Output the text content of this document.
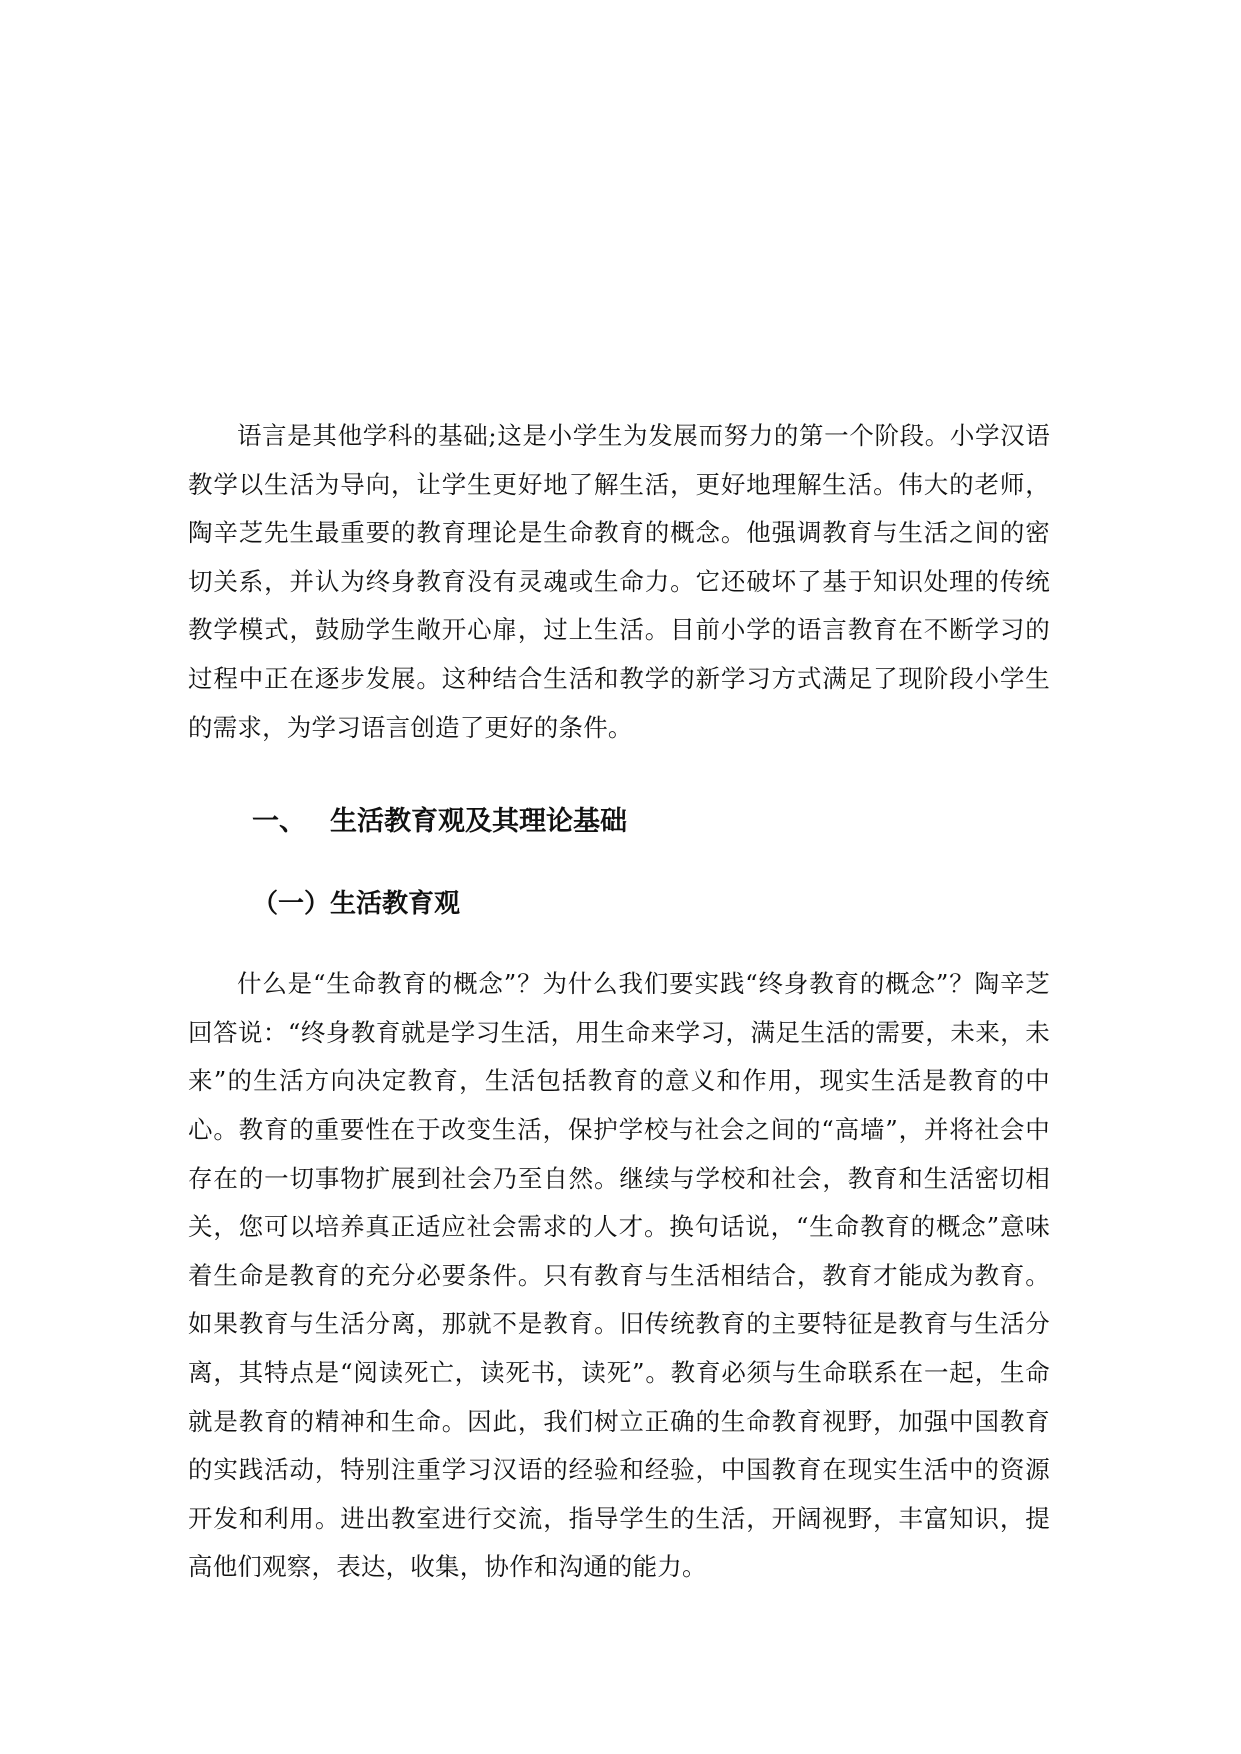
语言是其他学科的基础;这是小学生为发展而努力的第一个阶段。小学汉语教学以生活为导向，让学生更好地了解生活，更好地理解生活。伟大的老师，陶辛芝先生最重要的教育理论是生命教育的概念。他强调教育与生活之间的密切关系，并认为终身教育没有灵魂或生命力。它还破坏了基于知识处理的传统教学模式，鼓励学生敞开心扉，过上生活。目前小学的语言教育在不断学习的过程中正在逐步发展。这种结合生活和教学的新学习方式满足了现阶段小学生的需求，为学习语言创造了更好的条件。

一、 生活教育观及其理论基础
（一）生活教育观

什么是“生命教育的概念”？为什么我们要实践“终身教育的概念”？陶辛芝回答说：“终身教育就是学习生活，用生命来学习，满足生活的需要，未来，未来”的生活方向决定教育，生活包括教育的意义和作用，现实生活是教育的中心。教育的重要性在于改变生活，保护学校与社会之间的“高墙”，并将社会中存在的一切事物扩展到社会乃至自然。继续与学校和社会，教育和生活密切相关，您可以培养真正适应社会需求的人才。换句话说，“生命教育的概念”意味着生命是教育的充分必要条件。只有教育与生活相结合，教育才能成为教育。如果教育与生活分离，那就不是教育。旧传统教育的主要特征是教育与生活分离，其特点是“阅读死亡，读死书，读死”。教育必须与生命联系在一起，生命就是教育的精神和生命。因此，我们树立正确的生命教育视野，加强中国教育的实践活动，特别注重学习汉语的经验和经验，中国教育在现实生活中的资源开发和利用。进出教室进行交流，指导学生的生活，开阔视野，丰富知识，提高他们观察，表达，收集，协作和沟通的能力。
